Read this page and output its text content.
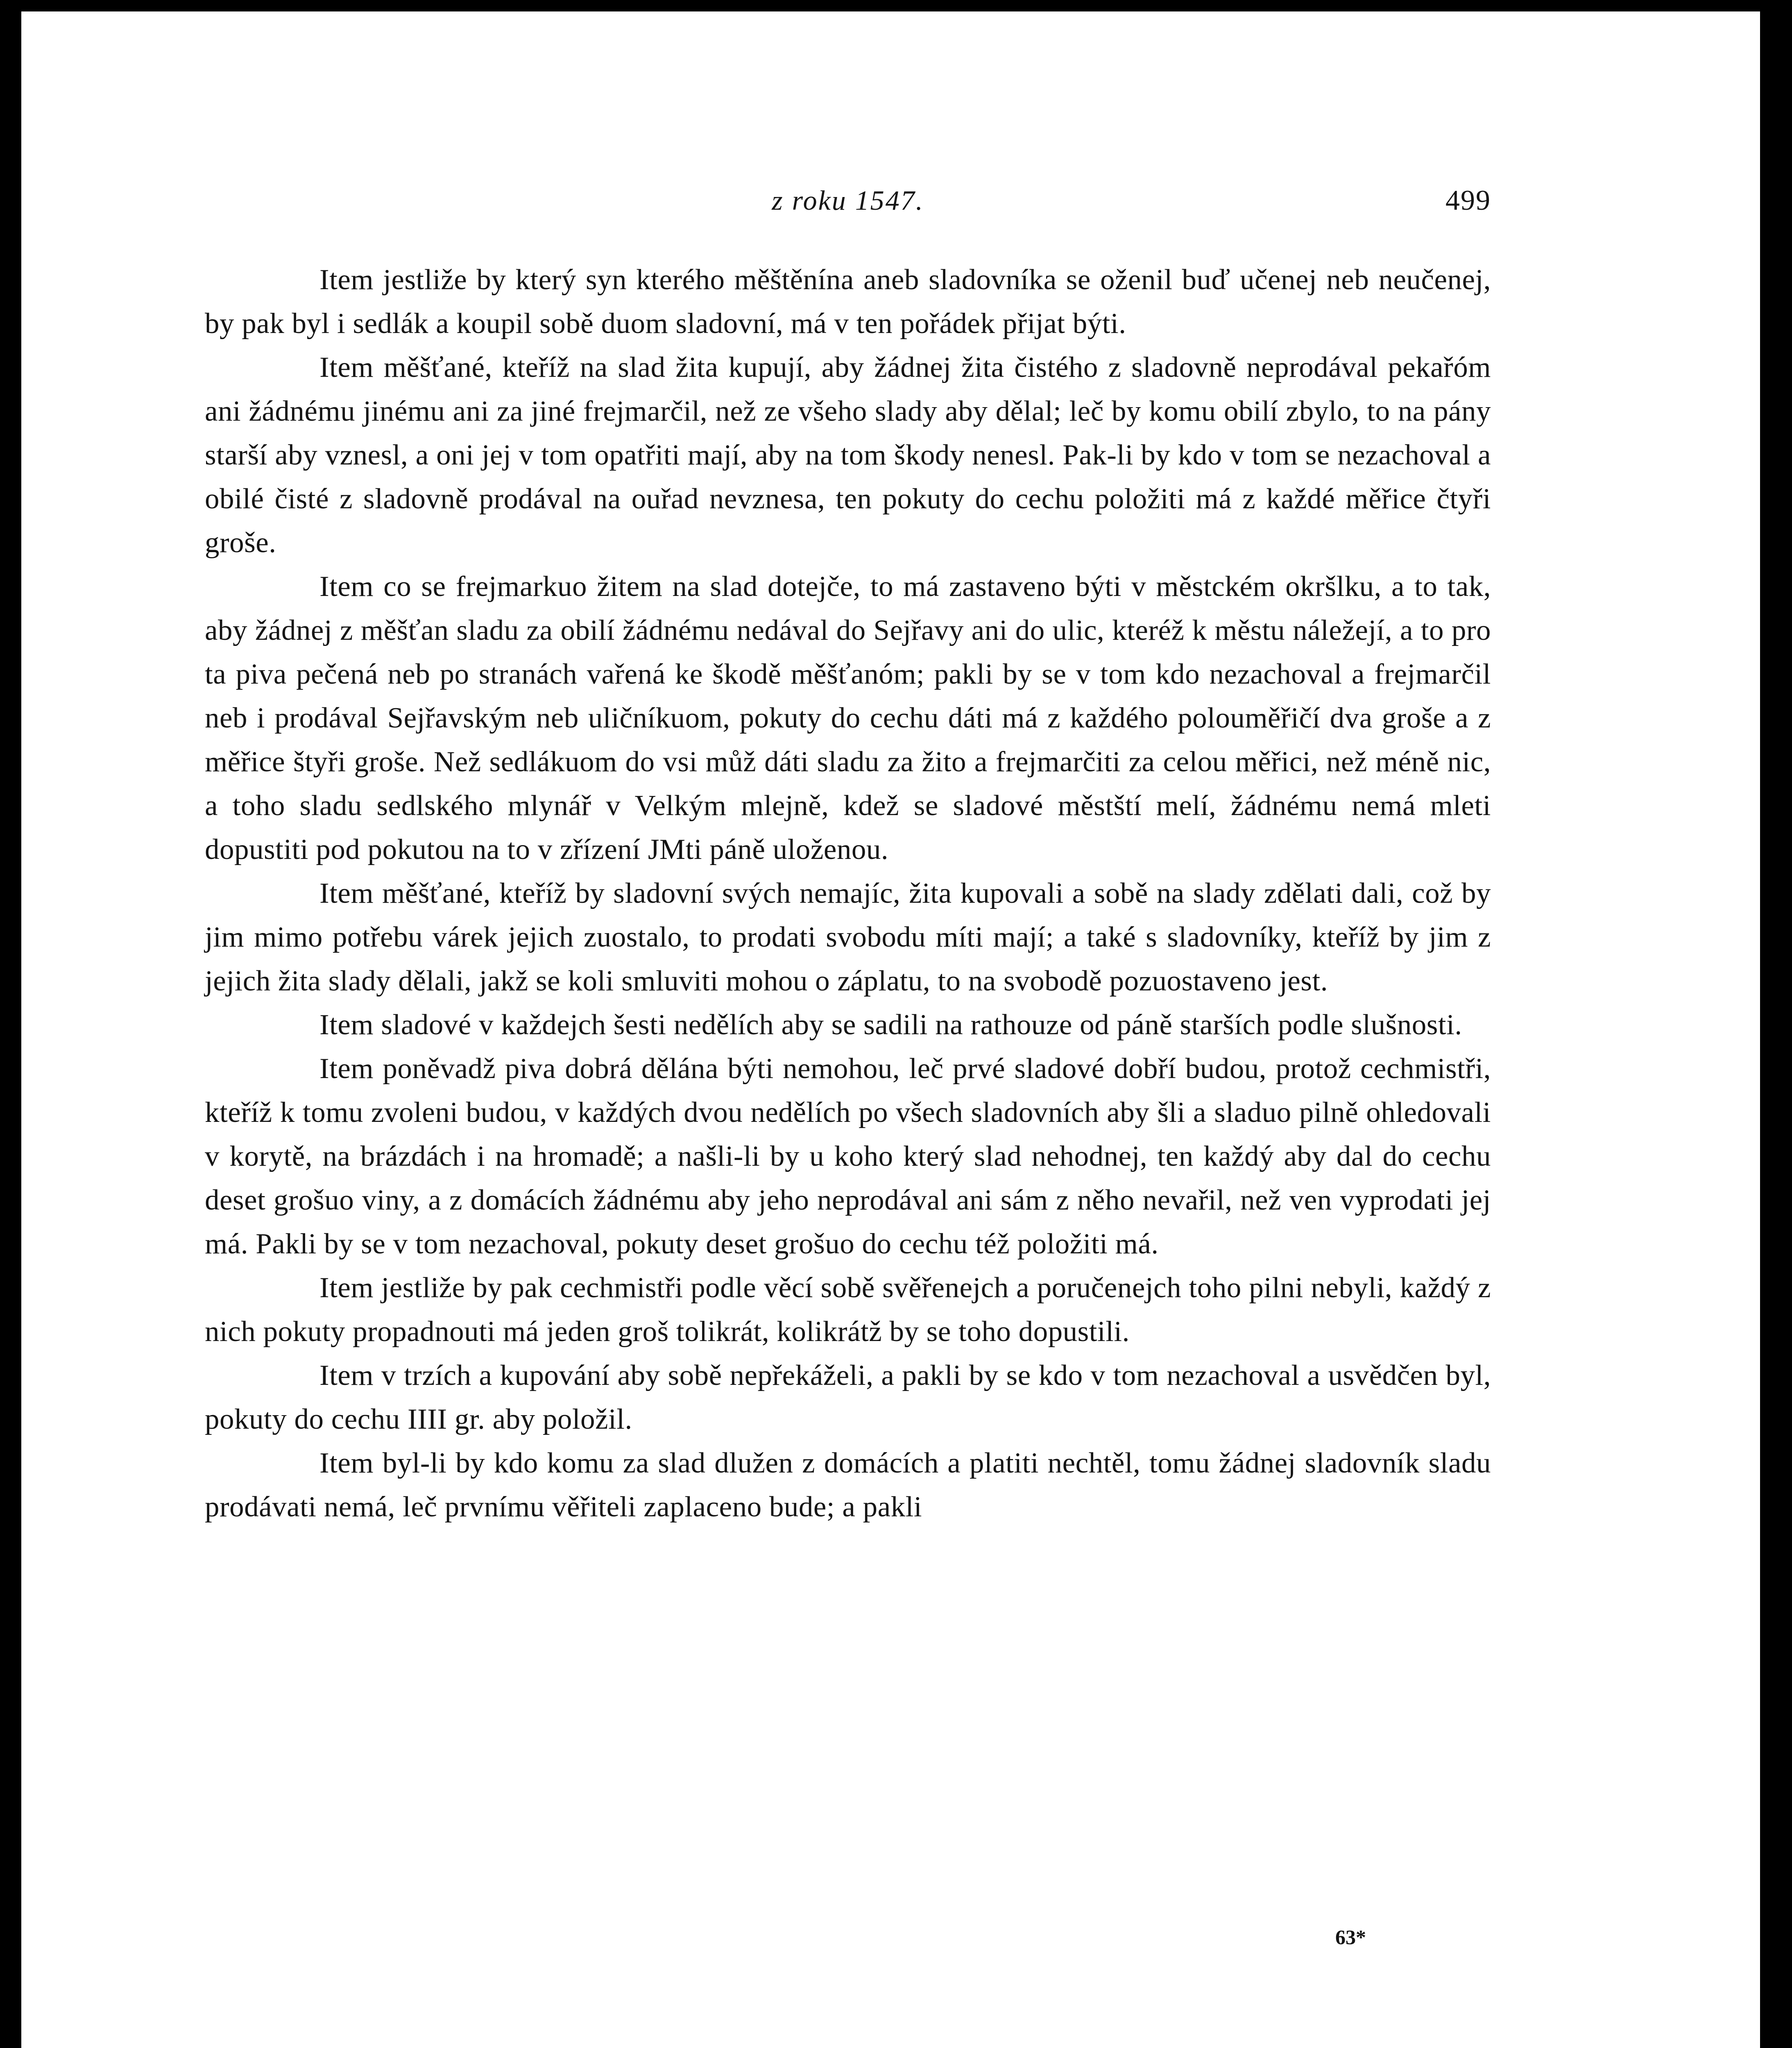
z roku 1547.	499

Item jestliže by který syn kterého měštěnína aneb sladovníka se oženil buď učenej neb neučenej, by pak byl i sedlák a koupil sobě duom sladovní, má v ten pořádek přijat býti.

Item měšťané, kteříž na slad žita kupují, aby žádnej žita čistého z sladovně neprodával pekařóm ani žádnému jinému ani za jiné frejmarčil, než ze všeho slady aby dělal; leč by komu obilí zbylo, to na pány starší aby vznesl, a oni jej v tom opatřiti mají, aby na tom škody nenesl. Pak-li by kdo v tom se nezachoval a obilé čisté z sladovně prodával na ouřad nevznesa, ten pokuty do cechu položiti má z každé měřice čtyři groše.

Item co se frejmarkuo žitem na slad dotejče, to má zastaveno býti v městckém okršlku, a to tak, aby žádnej z měšťan sladu za obilí žádnému nedával do Sejřavy ani do ulic, kteréž k městu náležejí, a to pro ta piva pečená neb po stranách vařená ke škodě měšťanóm; pakli by se v tom kdo nezachoval a frejmarčil neb i prodával Sejřavským neb uličníkuom, pokuty do cechu dáti má z každého polouměřičí dva groše a z měřice štyři groše. Než sedlákuom do vsi můž dáti sladu za žito a frejmarčiti za celou měřici, než méně nic, a toho sladu sedlského mlynář v Velkým mlejně, kdež se sladové městští melí, žádnému nemá mleti dopustiti pod pokutou na to v zřízení JMti páně uloženou.

Item měšťané, kteříž by sladovní svých nemajíc, žita kupovali a sobě na slady zdělati dali, což by jim mimo potřebu várek jejich zuostalo, to prodati svobodu míti mají; a také s sladovníky, kteříž by jim z jejich žita slady dělali, jakž se koli smluviti mohou o záplatu, to na svobodě pozuostaveno jest.

Item sladové v každejch šesti nedělích aby se sadili na rathouze od páně starších podle slušnosti.

Item poněvadž piva dobrá dělána býti nemohou, leč prvé sladové dobří budou, protož cechmistři, kteříž k tomu zvoleni budou, v každých dvou nedělích po všech sladovních aby šli a sladuo pilně ohledovali v korytě, na brázdách i na hromadě; a našli-li by u koho který slad nehodnej, ten každý aby dal do cechu deset grošuo viny, a z domácích žádnému aby jeho neprodával ani sám z něho nevařil, než ven vyprodati jej má. Pakli by se v tom nezachoval, pokuty deset grošuo do cechu též položiti má.

Item jestliže by pak cechmistři podle věcí sobě svěřenejch a poručenejch toho pilni nebyli, každý z nich pokuty propadnouti má jeden groš tolikrát, kolikrátž by se toho dopustili.

Item v trzích a kupování aby sobě nepřekáželi, a pakli by se kdo v tom nezachoval a usvědčen byl, pokuty do cechu IIII gr. aby položil.

Item byl-li by kdo komu za slad dlužen z domácích a platiti nechtěl, tomu žádnej sladovník sladu prodávati nemá, leč prvnímu věřiteli zaplaceno bude; a pakli

63*
